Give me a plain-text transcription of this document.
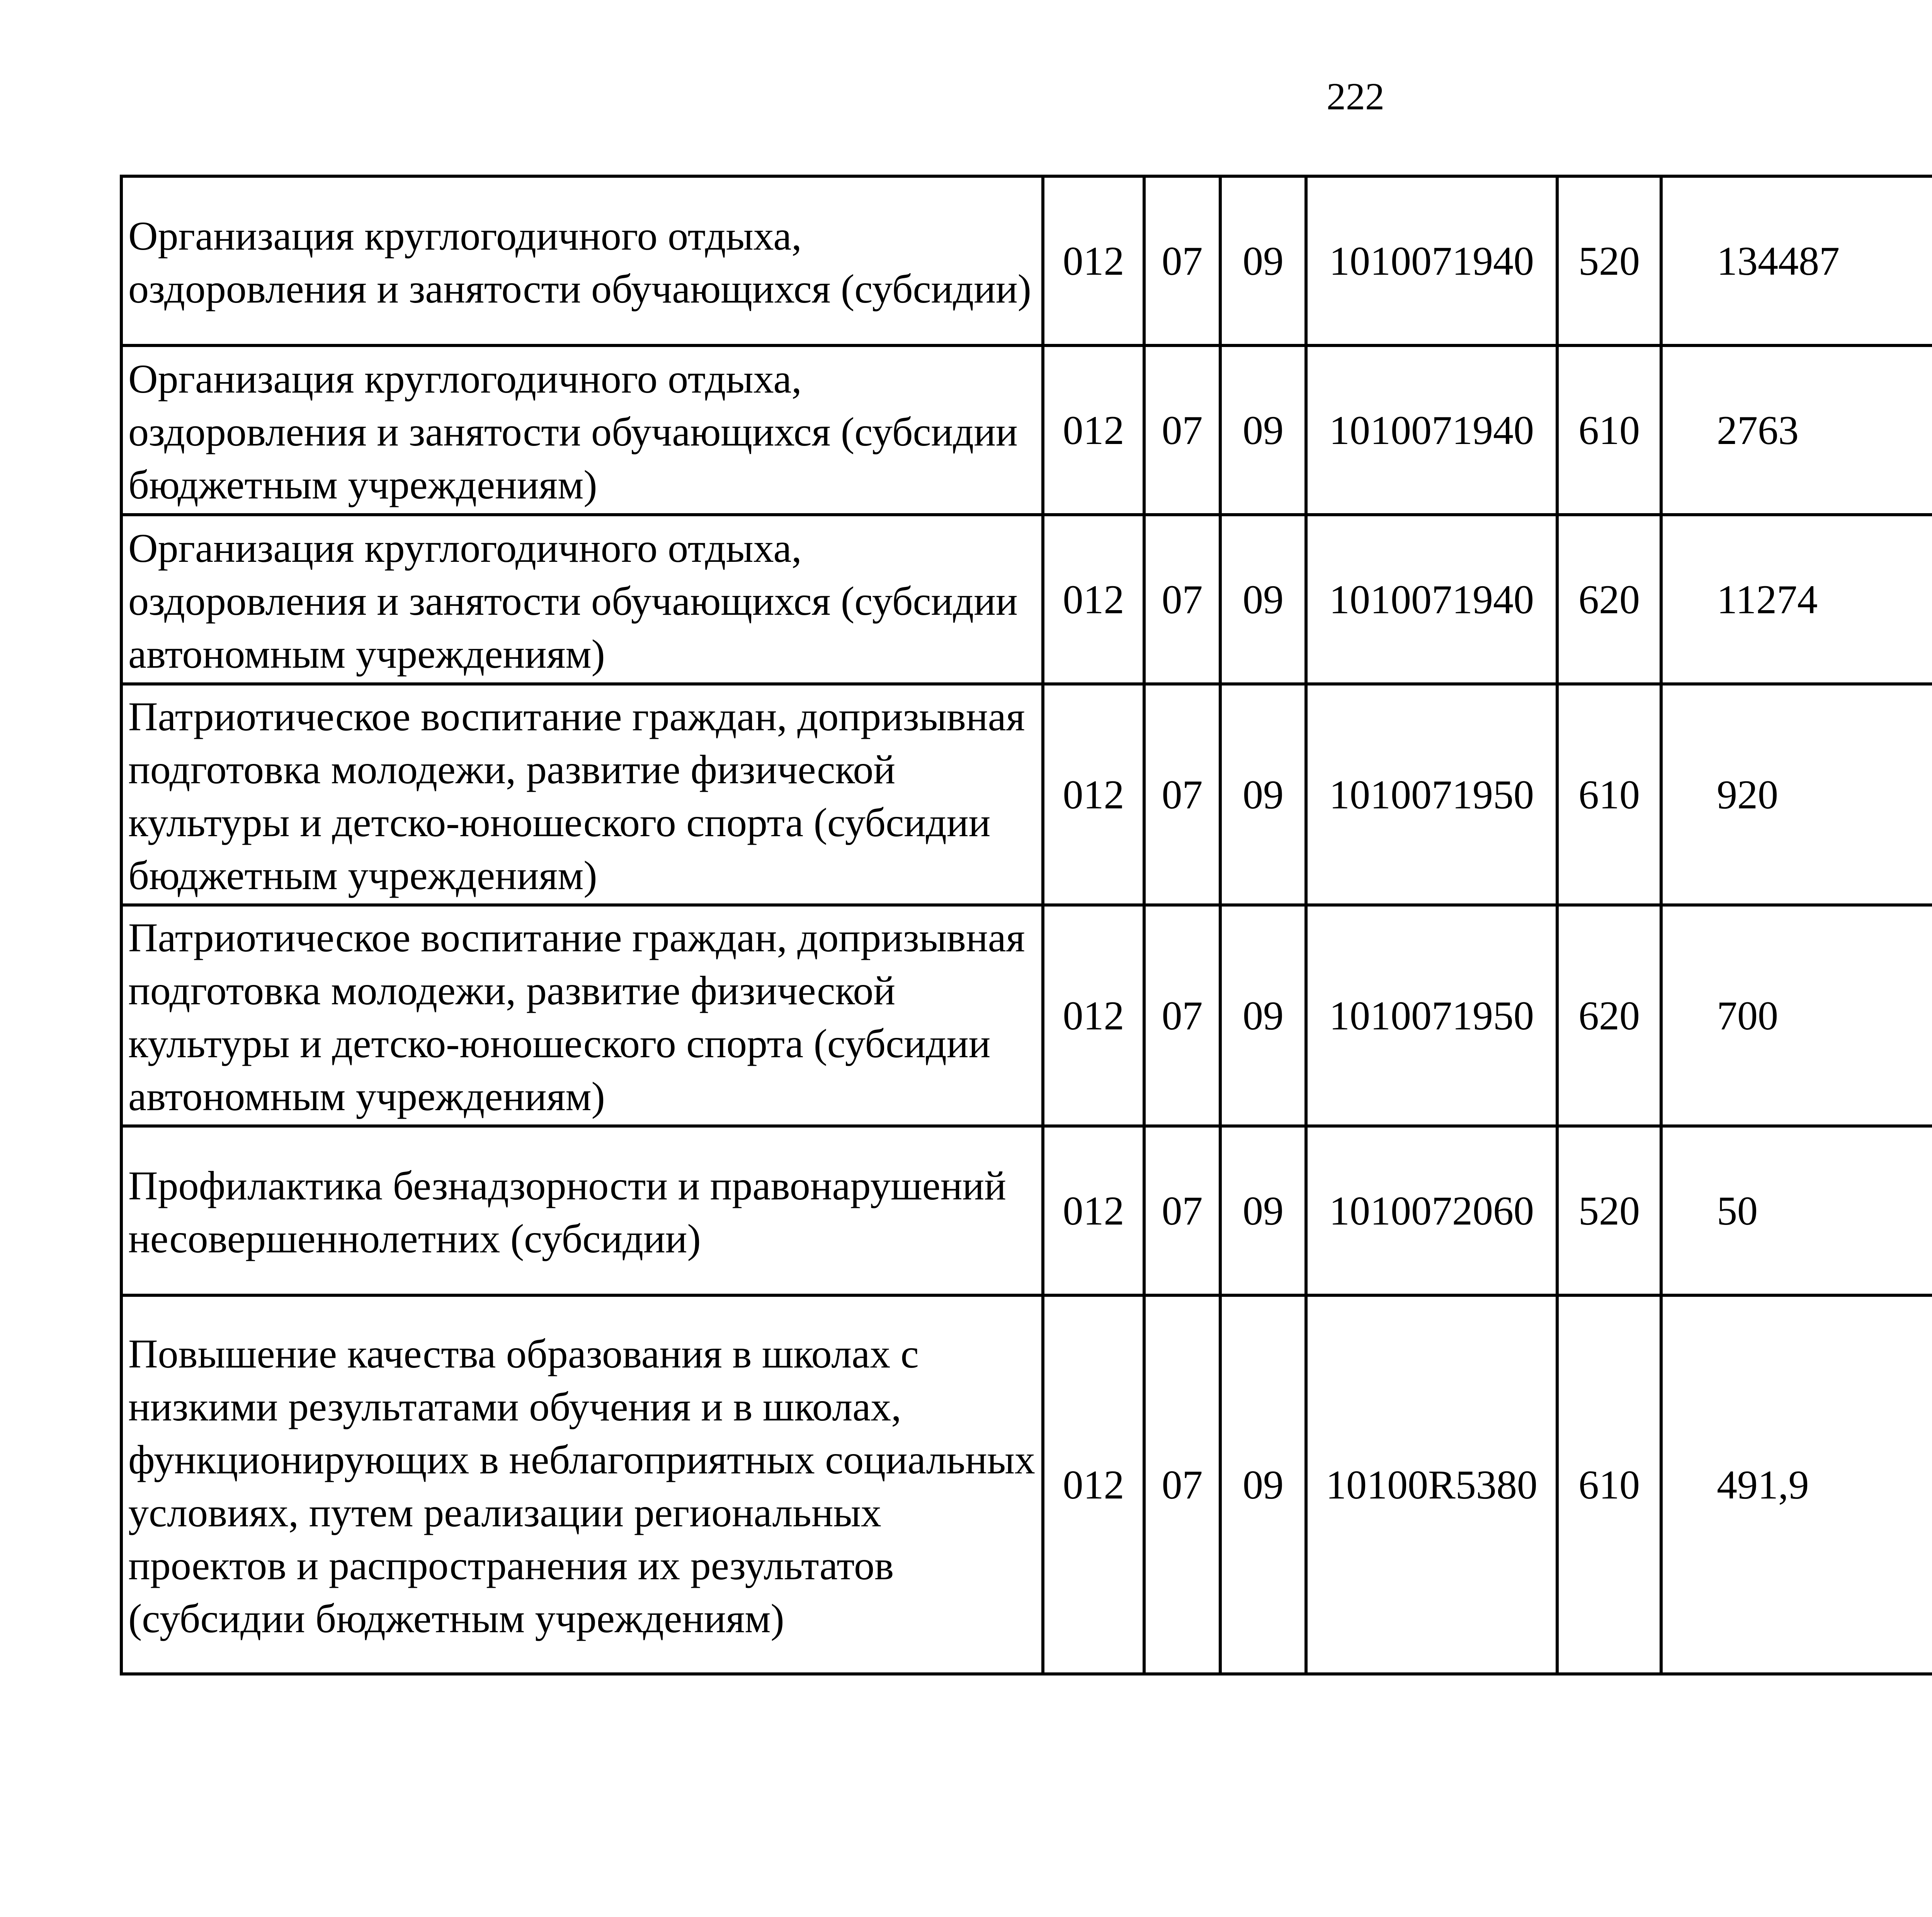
222
Организация круглогодичного отдыха, оздоровления и занятости обучающихся (субсидии)	012	07	09	1010071940	520	134487		
Организация круглогодичного отдыха, оздоровления и занятости обучающихся (субсидии бюджетным учреждениям)	012	07	09	1010071940	610	2763		
Организация круглогодичного отдыха, оздоровления и занятости обучающихся (субсидии автономным учреждениям)	012	07	09	1010071940	620	11274		
Патриотическое воспитание граждан, допризывная подготовка молодежи, развитие физической культуры и детско-юношеского спорта (субсидии бюджетным учреждениям)	012	07	09	1010071950	610	920		
Патриотическое воспитание граждан, допризывная подготовка молодежи, развитие физической культуры и детско-юношеского спорта (субсидии автономным учреждениям)	012	07	09	1010071950	620	700		
Профилактика безнадзорности и правонарушений несовершеннолетних (субсидии)	012	07	09	1010072060	520	50		
Повышение качества образования в школах с низкими результатами обучения и в школах, функционирующих в неблагоприятных социальных условиях, путем реализации региональных проектов и распространения их результатов (субсидии бюджетным учреждениям)	012	07	09	10100R5380	610	491,9		
